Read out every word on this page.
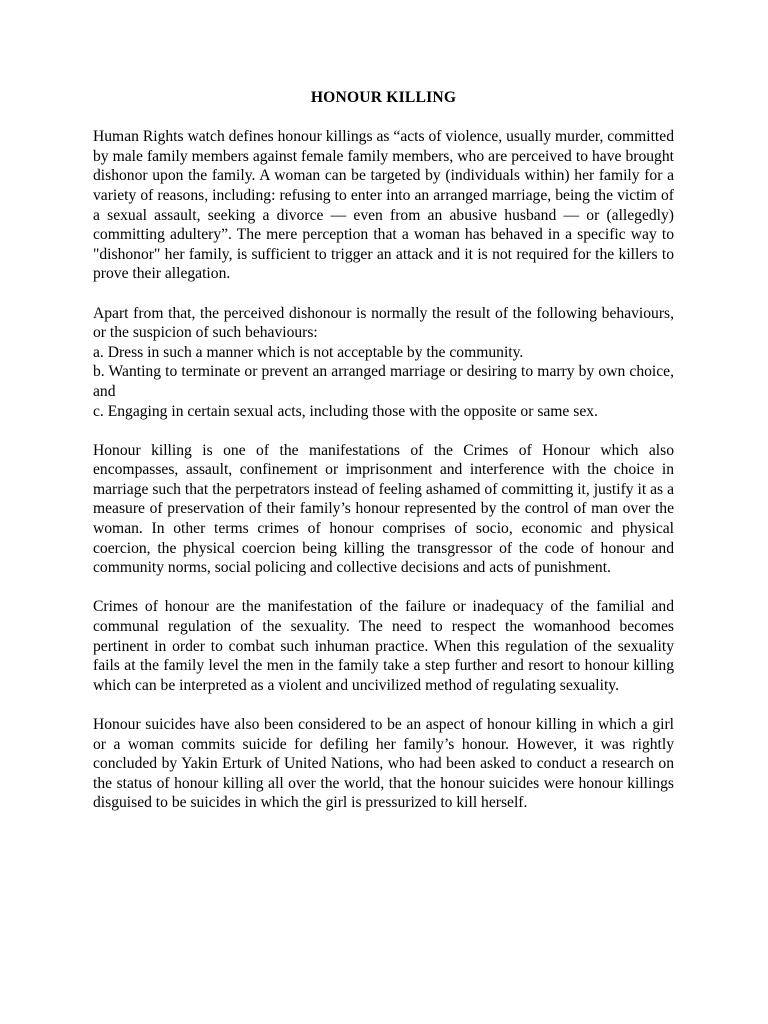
HONOUR KILLING

Human Rights watch defines honour killings as “acts of violence, usually murder, committed by male family members against female family members, who are perceived to have brought dishonor upon the family. A woman can be targeted by (individuals within) her family for a variety of reasons, including: refusing to enter into an arranged marriage, being the victim of a sexual assault, seeking a divorce — even from an abusive husband — or (allegedly) committing adultery”. The mere perception that a woman has behaved in a specific way to "dishonor" her family, is sufficient to trigger an attack and it is not required for the killers to prove their allegation.

Apart from that, the perceived dishonour is normally the result of the following behaviours, or the suspicion of such behaviours:
a. Dress in such a manner which is not acceptable by the community.
b. Wanting to terminate or prevent an arranged marriage or desiring to marry by own choice, and
c. Engaging in certain sexual acts, including those with the opposite or same sex.

Honour killing is one of the manifestations of the Crimes of Honour which also encompasses, assault, confinement or imprisonment and interference with the choice in marriage such that the perpetrators instead of feeling ashamed of committing it, justify it as a measure of preservation of their family’s honour represented by the control of man over the woman. In other terms crimes of honour comprises of socio, economic and physical coercion, the physical coercion being killing the transgressor of the code of honour and community norms, social policing and collective decisions and acts of punishment.

Crimes of honour are the manifestation of the failure or inadequacy of the familial and communal regulation of the sexuality. The need to respect the womanhood becomes pertinent in order to combat such inhuman practice. When this regulation of the sexuality fails at the family level the men in the family take a step further and resort to honour killing which can be interpreted as a violent and uncivilized method of regulating sexuality.

Honour suicides have also been considered to be an aspect of honour killing in which a girl or a woman commits suicide for defiling her family’s honour. However, it was rightly concluded by Yakin Erturk of United Nations, who had been asked to conduct a research on the status of honour killing all over the world, that the honour suicides were honour killings disguised to be suicides in which the girl is pressurized to kill herself.
